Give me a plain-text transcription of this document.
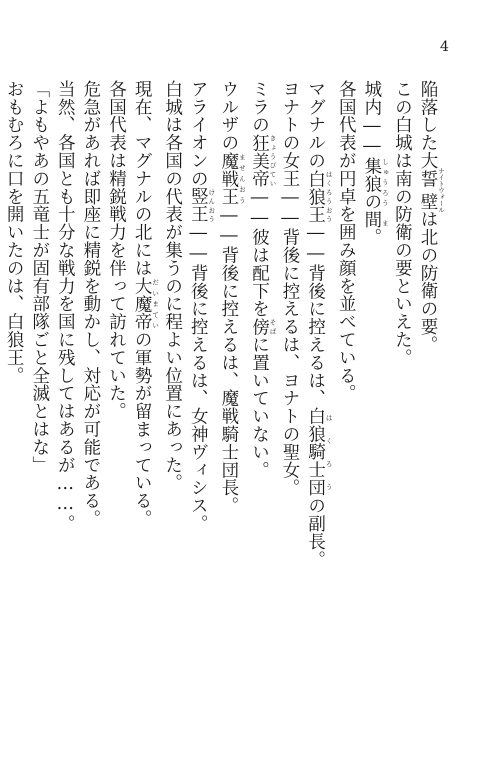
4
陥落した大誓壁 ナイトウォールは北の防衛の要。
この白城は南の防衛の要といえた。
城内――集狼の間 しゅうろう　ま。
各国代表が円卓を囲み顔を並べている。
マグナルの白狼王 はくろうおう――背後に控えるは、白狼騎士団 はくろうの副長。
ヨナトの女王――背後に控えるは、ヨナトの聖女。
ミラの狂美帝 きょうびてい――彼は配下を傍 そばに置いていない。
ウルザの魔戦王 ませんおう――背後に控えるは、魔戦騎士団長。
アライオンの竪王 けんおう――背後に控えるは、女神ヴィシス。
白城は各国の代表が集うのに程よい位置にあった。
現在、マグナルの北には大魔帝 だいまていの軍勢が留まっている。
各国代表は精鋭戦力を伴って訪れていた。
危急があれば即座に精鋭を動かし、対応が可能である。
当然、各国とも十分な戦力を国に残してはあるが……。
「よもやあの五竜士が固有部隊ごと全滅とはな」
おもむろに口を開いたのは、白狼王。
